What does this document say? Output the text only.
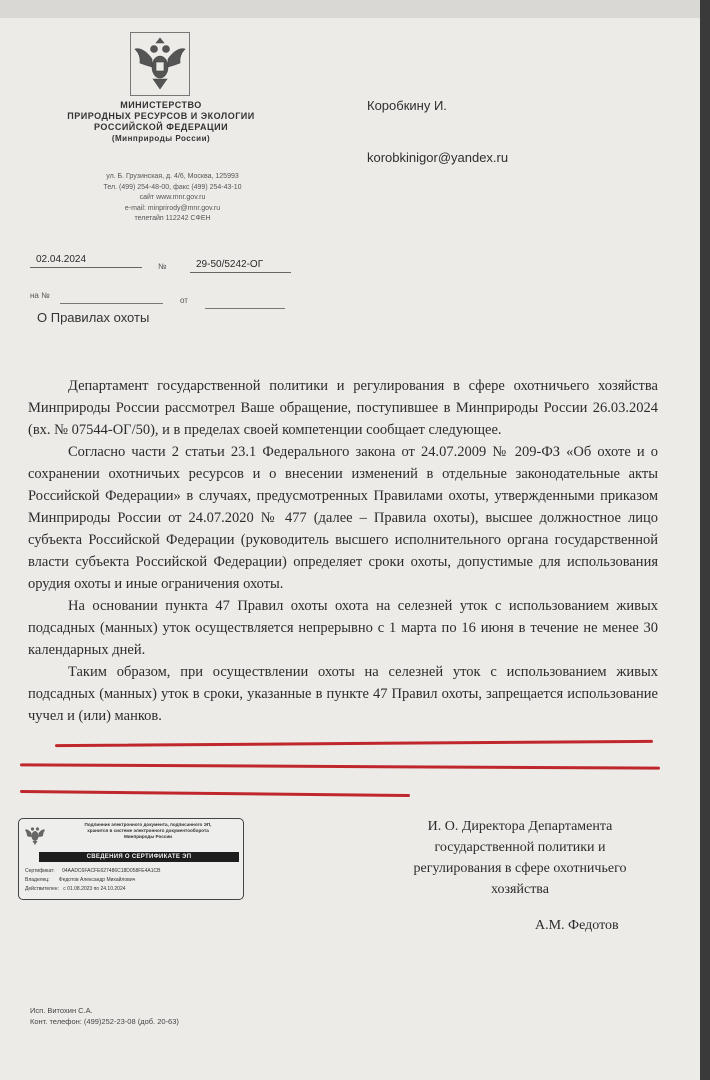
МИНИСТЕРСТВО
ПРИРОДНЫХ РЕСУРСОВ И ЭКОЛОГИИ
РОССИЙСКОЙ ФЕДЕРАЦИИ
(Минприроды России)
ул. Б. Грузинская, д. 4/6, Москва, 125993
Тел. (499) 254-48-00, факс (499) 254-43-10
сайт www.mnr.gov.ru
e-mail: minprirody@mnr.gov.ru
телетайп 112242 СФЕН
Коробкину И.
korobkinigor@yandex.ru
02.04.2024
№	29-50/5242-ОГ
на №
от
О Правилах охоты

Департамент государственной политики и регулирования в сфере охотничьего хозяйства Минприроды России рассмотрел Ваше обращение, поступившее в Минприроды России 26.03.2024 (вх. № 07544-ОГ/50), и в пределах своей компетенции сообщает следующее.

Согласно части 2 статьи 23.1 Федерального закона от 24.07.2009 № 209-ФЗ «Об охоте и о сохранении охотничьих ресурсов и о внесении изменений в отдельные законодательные акты Российской Федерации» в случаях, предусмотренных Правилами охоты, утвержденными приказом Минприроды России от 24.07.2020 № 477 (далее – Правила охоты), высшее должностное лицо субъекта Российской Федерации (руководитель высшего исполнительного органа государственной власти субъекта Российской Федерации) определяет сроки охоты, допустимые для использования орудия охоты и иные ограничения охоты.

На основании пункта 47 Правил охоты охота на селезней уток с использованием живых подсадных (манных) уток осуществляется непрерывно с 1 марта по 16 июня в течение не менее 30 календарных дней.

Таким образом, при осуществлении охоты на селезней уток с использованием живых подсадных (манных) уток в сроки, указанные в пункте 47 Правил охоты, запрещается использование чучел и (или) манков.

Подлинник электронного документа, подписанного ЭП,
хранится в системе электронного документооборота
Минприроды России
СВЕДЕНИЯ О СЕРТИФИКАТЕ ЭП
Сертификат: 04AADC6FACFE627486C18D058FE4A1CB
Владелец: Федотов Александр Михайлович
Действителен: с 01.08.2023 по 24.10.2024
И. О. Директора Департамента
государственной политики и
регулирования в сфере охотничьего
хозяйства
А.М. Федотов
Исп. Витохин С.А.
Конт. телефон: (499)252-23-08 (доб. 20-63)
